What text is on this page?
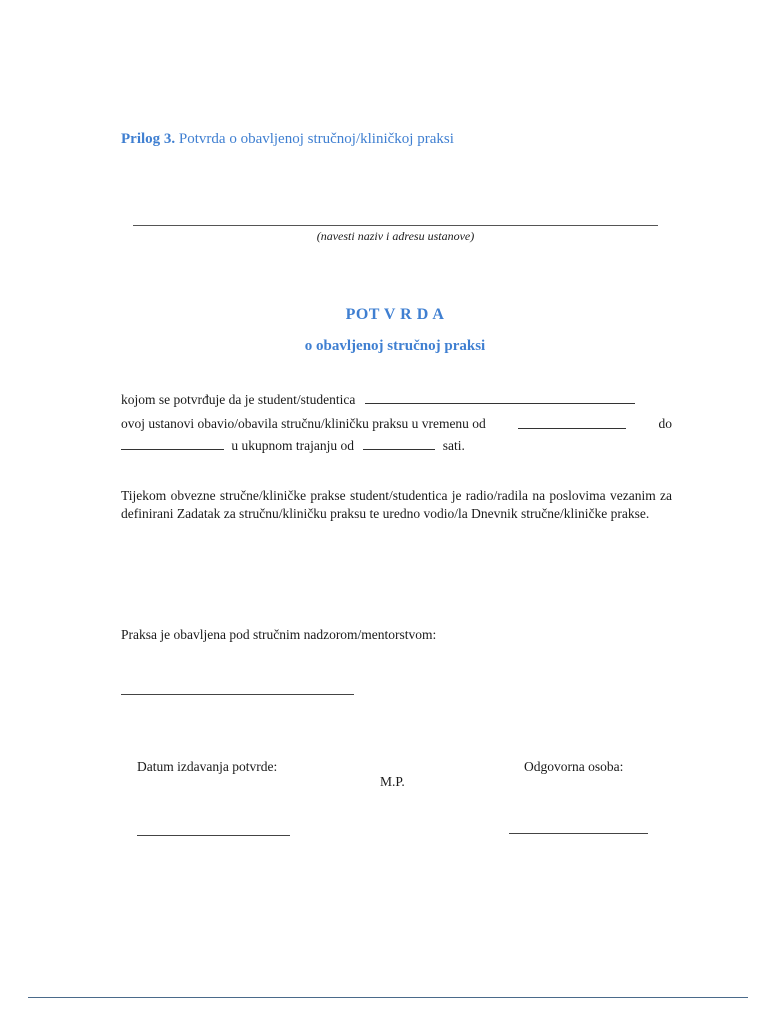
Prilog 3. Potvrda o obavljenoj stručnoj/kliničkoj praksi
(navesti naziv i adresu ustanove)
POT V R D A
o obavljenoj stručnoj praksi
kojom se potvrđuje da je student/studentica
ovoj ustanovi obavio/obavila stručnu/kliničku praksu u vremenu od	do
u ukupnom trajanju od	sati.
Tijekom obvezne stručne/kliničke prakse student/studentica je radio/radila na poslovima vezanim za definirani Zadatak za stručnu/kliničku praksu te uredno vodio/la Dnevnik stručne/kliničke prakse.
Praksa je obavljena pod stručnim nadzorom/mentorstvom:
Datum izdavanja potvrde:
M.P.
Odgovorna osoba:
